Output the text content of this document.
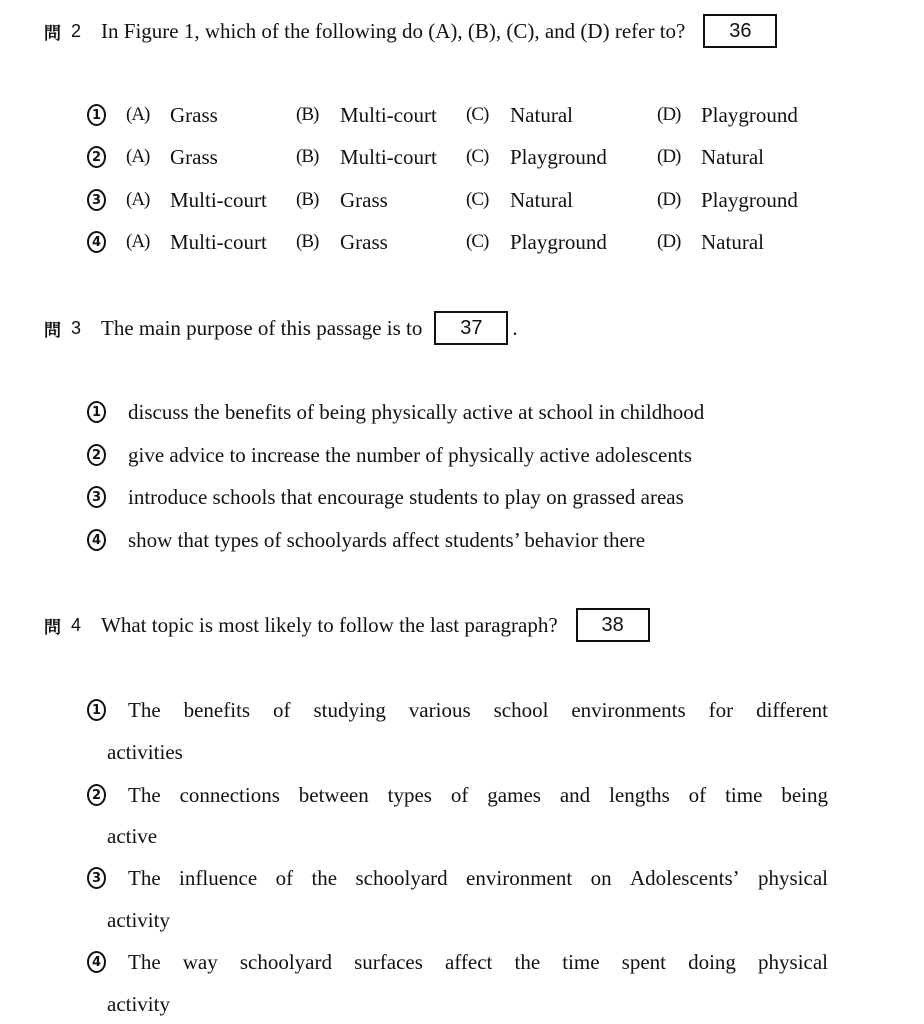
問 2 In Figure 1, which of the following do (A), (B), (C), and (D) refer to?	36
1 (A) Grass	(B) Multi-court (C) Natural	(D) Playground
2 (A) Grass	(B) Multi-court (C) Playground	(D) Natural
3 (A) Multi-court (B) Grass	(C) Natural	(D) Playground
4 (A) Multi-court (B) Grass	(C) Playground	(D) Natural
問 3 The main purpose of this passage is to	37	.
1 discuss the benefits of being physically active at school in childhood
2 give advice to increase the number of physically active adolescents
3 introduce schools that encourage students to play on grassed areas
4 show that types of schoolyards affect students’ behavior there
問 4 What topic is most likely to follow the last paragraph?	38
1 The benefits of studying various school environments for different
activities
2 The connections between types of games and lengths of time being
active
3 The influence of the schoolyard environment on Adolescents’ physical
activity
4 The way schoolyard surfaces affect the time spent doing physical
activity
